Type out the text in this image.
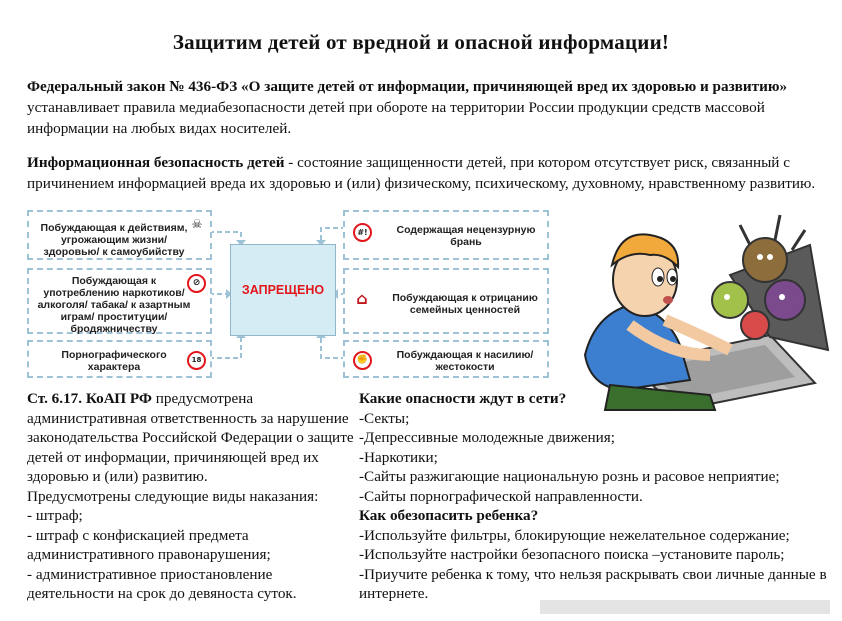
Защитим детей от вредной и опасной информации!
Федеральный закон № 436-ФЗ «О защите детей от информации, причиняющей вред их здоровью и развитию» устанавливает правила медиабезопасности детей при обороте на территории России продукции средств массовой информации на любых видах носителей.
Информационная безопасность детей - состояние защищенности детей, при котором отсутствует риск, связанный с причинением информацией вреда их здоровью и (или) физическому, психическому, духовному, нравственному развитию.
Побуждающая к действиям, угрожающим жизни/здоровью/ к самоубийству
☠
Побуждающая к употреблению наркотиков/ алкоголя/ табака/ к азартным играм/ проституции/ бродяжничеству
⊘
Порнографического характера
18
Содержащая нецензурную брань
#!
Побуждающая к отрицанию семейных ценностей
⌂
Побуждающая к насилию/ жестокости
✊
ЗАПРЕЩЕНО
Ст. 6.17. КоАП РФ предусмотрена административная ответственность за нарушение законодательства Российской Федерации о защите детей от информации, причиняющей вред их здоровью и (или) развитию.
Предусмотрены следующие виды наказания:
- штраф;
- штраф с конфискацией предмета административного правонарушения;
- административное приостановление деятельности на срок до девяноста суток.
Какие опасности ждут в сети?
-Секты;
-Депрессивные молодежные движения;
-Наркотики;
-Сайты разжигающие национальную рознь и расовое неприятие;
-Сайты порнографической направленности.
Как обезопасить ребенка?
-Используйте фильтры, блокирующие нежелательное содержание;
-Используйте настройки безопасного поиска –установите пароль;
-Приучите ребенка к тому, что нельзя раскрывать свои личные данные в интернете.
